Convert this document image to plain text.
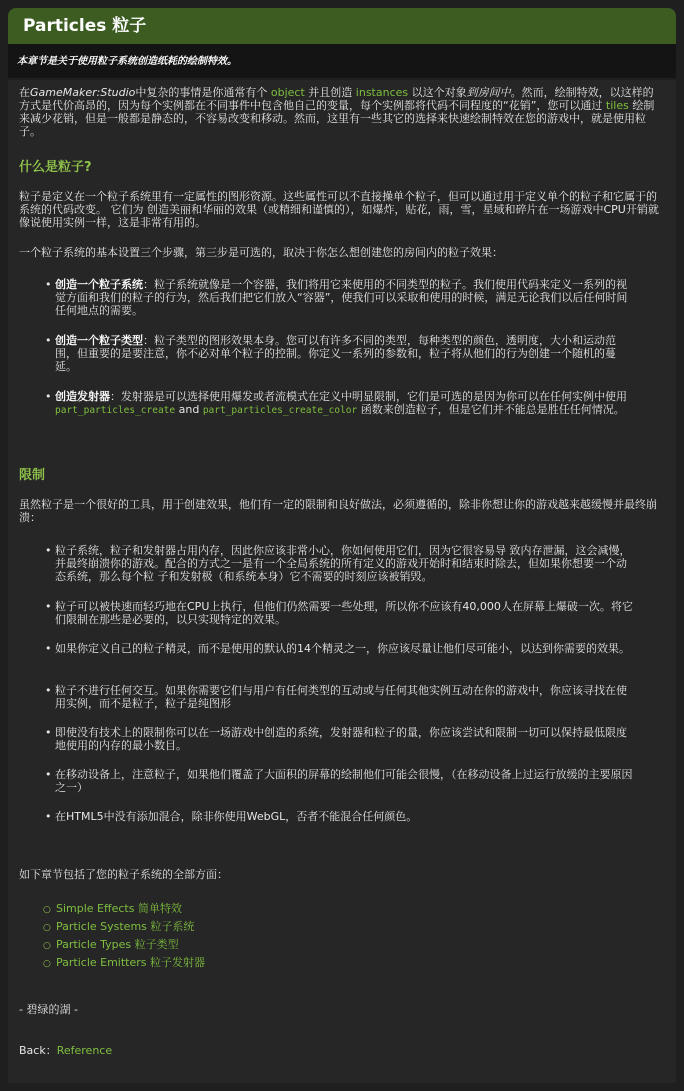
Particles 粒子

本章节是关于使用粒子系统创造纸耗的绘制特效。

在GameMaker:Studio中复杂的事情是你通常有个 object 并且创造 instances 以这个对象到房间中。然而，绘制特效，以这样的方式是代价高昂的，因为每个实例都在不同事件中包含他自己的变量，每个实例都将代码不同程度的“花销”，您可以通过 tiles 绘制来减少花销，但是一般都是静态的，不容易改变和移动。然而，这里有一些其它的选择来快速绘制特效在您的游戏中，就是使用粒子。

什么是粒子?

粒子是定义在一个粒子系统里有一定属性的图形资源。这些属性可以不直接操单个粒子，但可以通过用于定义单个的粒子和它属于的系统的代码改变。 它们为 创造美丽和华丽的效果（或精细和谨慎的），如爆炸，贴花，雨，雪，星域和碎片在一场游戏中CPU开销就像说使用实例一样，这是非常有用的。

一个粒子系统的基本设置三个步骤，第三步是可选的，取决于你怎么想创建您的房间内的粒子效果：

• 创造一个粒子系统：粒子系统就像是一个容器，我们将用它来使用的不同类型的粒子。我们使用代码来定义一系列的视觉方面和我们的粒子的行为，然后我们把它们放入“容器”，使我们可以采取和使用的时候，满足无论我们以后任何时间任何地点的需要。
• 创造一个粒子类型：粒子类型的图形效果本身。您可以有许多不同的类型，每种类型的颜色，透明度，大小和运动范围，但重要的是要注意，你不必对单个粒子的控制。你定义一系列的参数和，粒子将从他们的行为创建一个随机的蔓延。
• 创造发射器：发射器是可以选择使用爆发或者流模式在定义中明显限制，它们是可选的是因为你可以在任何实例中使用 part_particles_create and part_particles_create_color 函数来创造粒子，但是它们并不能总是胜任任何情况。
限制

虽然粒子是一个很好的工具，用于创建效果，他们有一定的限制和良好做法，必须遵循的，除非你想让你的游戏越来越缓慢并最终崩溃：

• 粒子系统，粒子和发射器占用内存，因此你应该非常小心，你如何使用它们，因为它很容易导 致内存泄漏，这会减慢，并最终崩溃你的游戏。配合的方式之一是有一个全局系统的所有定义的游戏开始时和结束时除去，但如果你想要一个动态系统，那么每个粒 子和发射极（和系统本身）它不需要的时刻应该被销毁。
• 粒子可以被快速而轻巧地在CPU上执行，但他们仍然需要一些处理，所以你不应该有40,000人在屏幕上爆破一次。将它们限制在那些是必要的，以只实现特定的效果。
• 如果你定义自己的粒子精灵，而不是使用的默认的14个精灵之一，你应该尽量让他们尽可能小，以达到你需要的效果。
• 粒子不进行任何交互。如果你需要它们与用户有任何类型的互动或与任何其他实例互动在你的游戏中，你应该寻找在使用实例，而不是粒子，粒子是纯图形
• 即使没有技术上的限制你可以在一场游戏中创造的系统，发射器和粒子的量，你应该尝试和限制一切可以保持最低限度地使用的内存的最小数目。
• 在移动设备上，注意粒子，如果他们覆盖了大面积的屏幕的绘制他们可能会很慢，（在移动设备上过运行放缓的主要原因之一）
• 在HTML5中没有添加混合，除非你使用WebGL，否者不能混合任何颜色。

如下章节包括了您的粒子系统的全部方面：

○ Simple Effects 简单特效
○ Particle Systems 粒子系统
○ Particle Types 粒子类型
○ Particle Emitters 粒子发射器

- 碧绿的湖 -

Back：Reference
